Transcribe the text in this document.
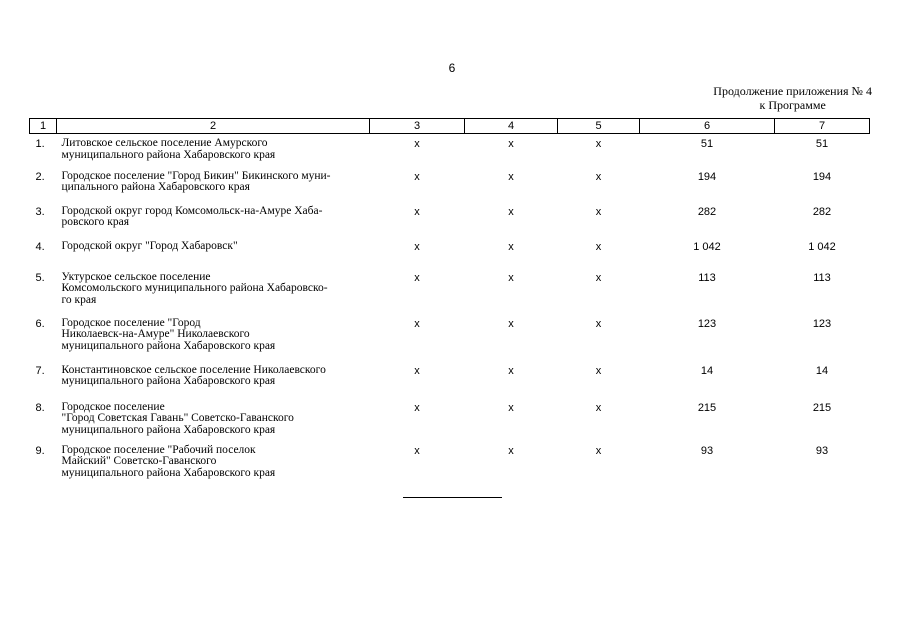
6
Продолжение приложения № 4
к Программе
1	2	3	4	5	6	7
1.	Литовское сельское поселение Амурского
муниципального района Хабаровского края	х	х	х	51	51
2.	Городское поселение "Город Бикин" Бикинского муни-
ципального района Хабаровского края	х	х	х	194	194
3.	Городской округ город Комсомольск-на-Амуре Хаба-
ровского края	х	х	х	282	282
4.	Городской округ "Город Хабаровск"	х	х	х	1 042	1 042
5.	Уктурское сельское поселение
Комсомольского муниципального района Хабаровско-
го края	х	х	х	113	113
6.	Городское поселение "Город
Николаевск-на-Амуре" Николаевского
муниципального района Хабаровского края	х	х	х	123	123
7.	Константиновское сельское поселение Николаевского
муниципального района Хабаровского края	х	х	х	14	14
8.	Городское поселение
"Город Советская Гавань" Советско-Гаванского
муниципального района Хабаровского края	х	х	х	215	215
9.	Городское поселение "Рабочий поселок
Майский" Советско-Гаванского
муниципального района Хабаровского края	х	х	х	93	93
